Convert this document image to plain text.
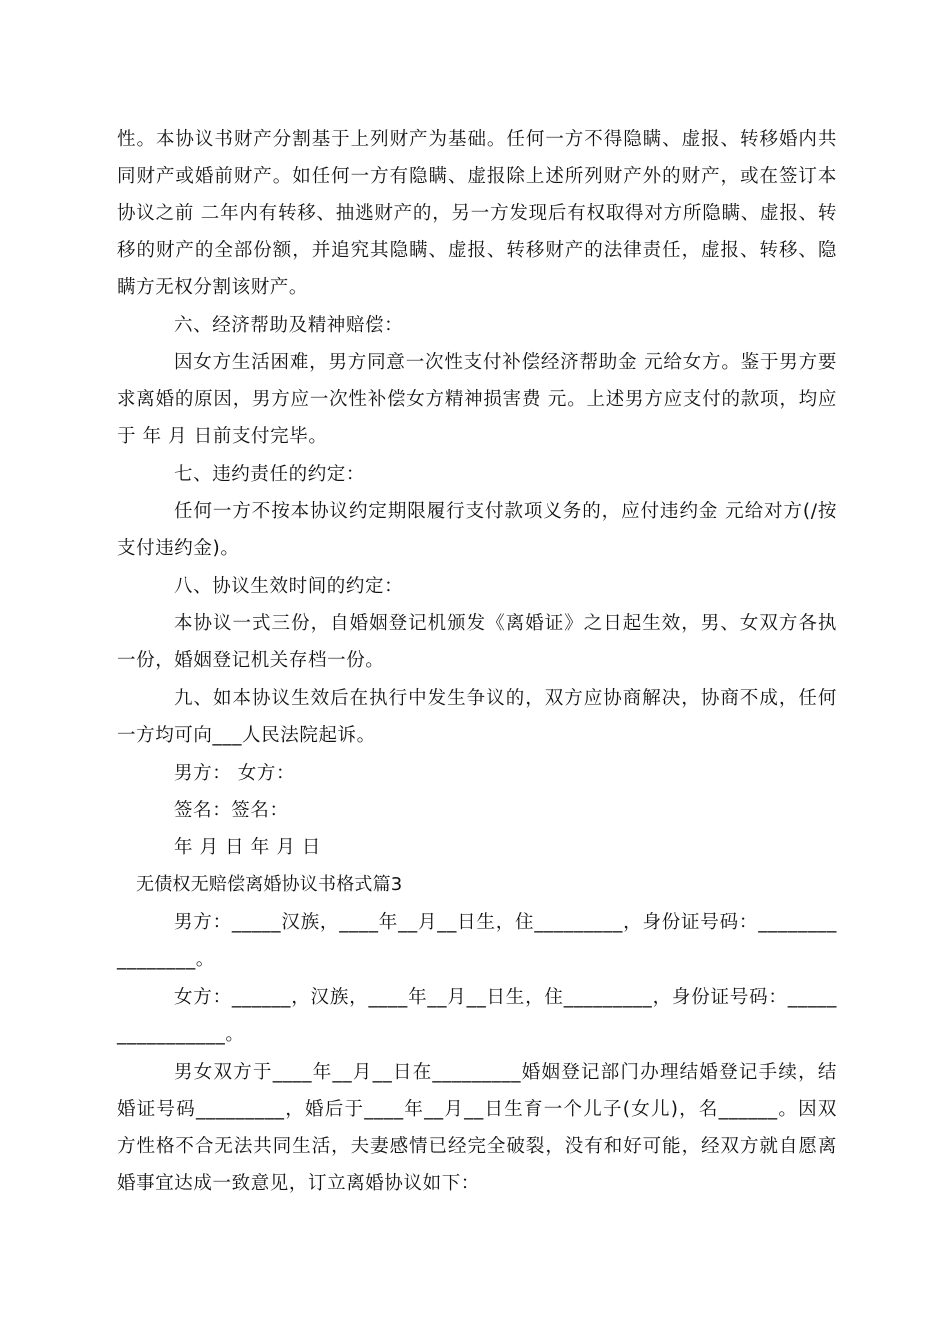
性。本协议书财产分割基于上列财产为基础。任何一方不得隐瞒、虚报、转移婚内共
同财产或婚前财产。如任何一方有隐瞒、虚报除上述所列财产外的财产，或在签订本
协议之前 二年内有转移、抽逃财产的，另一方发现后有权取得对方所隐瞒、虚报、转
移的财产的全部份额，并追究其隐瞒、虚报、转移财产的法律责任，虚报、转移、隐
瞒方无权分割该财产。
六、经济帮助及精神赔偿：
因女方生活困难，男方同意一次性支付补偿经济帮助金 元给女方。鉴于男方要
求离婚的原因，男方应一次性补偿女方精神损害费 元。上述男方应支付的款项，均应
于 年 月 日前支付完毕。
七、违约责任的约定：
任何一方不按本协议约定期限履行支付款项义务的，应付违约金 元给对方(/按
支付违约金)。
八、协议生效时间的约定：
本协议一式三份，自婚姻登记机颁发《离婚证》之日起生效，男、女双方各执
一份，婚姻登记机关存档一份。
九、如本协议生效后在执行中发生争议的，双方应协商解决，协商不成，任何
一方均可向___人民法院起诉。
男方： 女方：
签名：签名：
年 月 日 年 月 日
无债权无赔偿离婚协议书格式篇3
男方：_____汉族，____年__月__日生，住_________，身份证号码：________
________。
女方：______，汉族，____年__月__日生，住_________，身份证号码：_____
___________。
男女双方于____年__月__日在_________婚姻登记部门办理结婚登记手续，结
婚证号码_________，婚后于____年__月__日生育一个儿子(女儿)，名______。因双
方性格不合无法共同生活，夫妻感情已经完全破裂，没有和好可能，经双方就自愿离
婚事宜达成一致意见，订立离婚协议如下：
